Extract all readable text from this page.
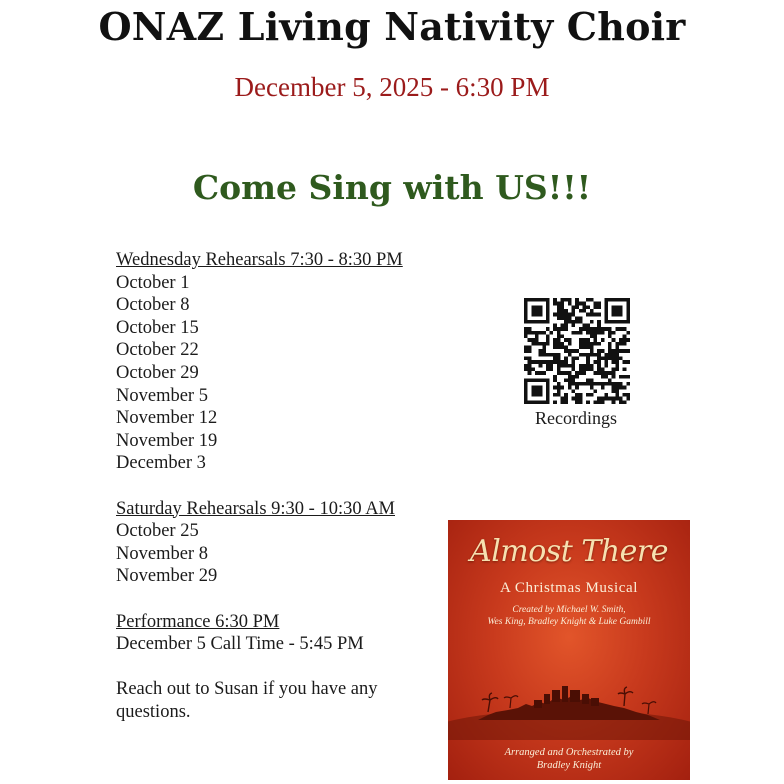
ONAZ Living Nativity Choir
December 5, 2025 - 6:30 PM
Come Sing with US!!!
Wednesday Rehearsals 7:30 - 8:30 PM
October 1
October 8
October 15
October 22
October 29
November 5
November 12
November 19
December 3
Saturday Rehearsals 9:30 - 10:30 AM
October 25
November 8
November 29
Performance 6:30 PM
December 5 Call Time - 5:45 PM
Reach out to Susan if you have any questions.
Recordings
Almost There
A Christmas Musical
Created by Michael W. Smith,
Wes King, Bradley Knight & Luke Gambill
Arranged and Orchestrated by
Bradley Knight
